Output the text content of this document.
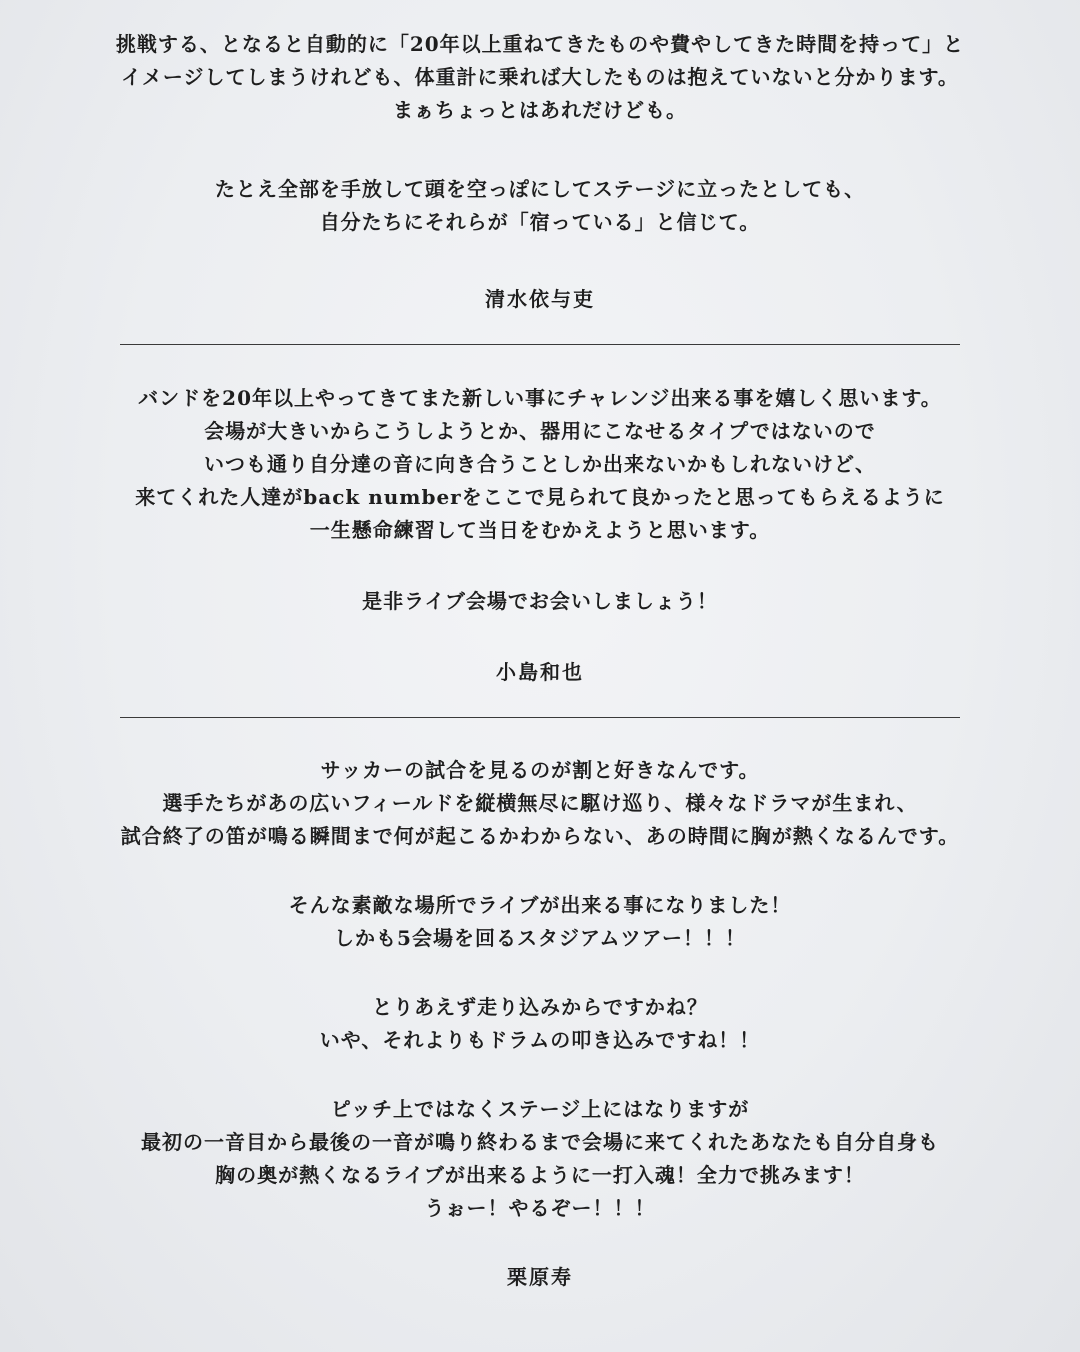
挑戦する、となると自動的に「20年以上重ねてきたものや費やしてきた時間を持って」と
イメージしてしまうけれども、体重計に乗れば大したものは抱えていないと分かります。
まぁちょっとはあれだけども。

たとえ全部を手放して頭を空っぽにしてステージに立ったとしても、
自分たちにそれらが「宿っている」と信じて。

清水依与吏

バンドを20年以上やってきてまた新しい事にチャレンジ出来る事を嬉しく思います。
会場が大きいからこうしようとか、器用にこなせるタイプではないので
いつも通り自分達の音に向き合うことしか出来ないかもしれないけど、
来てくれた人達がback numberをここで見られて良かったと思ってもらえるように
一生懸命練習して当日をむかえようと思います。

是非ライブ会場でお会いしましょう！

小島和也

サッカーの試合を見るのが割と好きなんです。
選手たちがあの広いフィールドを縦横無尽に駆け巡り、様々なドラマが生まれ、
試合終了の笛が鳴る瞬間まで何が起こるかわからない、あの時間に胸が熱くなるんです。

そんな素敵な場所でライブが出来る事になりました！
しかも5会場を回るスタジアムツアー！！！

とりあえず走り込みからですかね？
いや、それよりもドラムの叩き込みですね！！

ピッチ上ではなくステージ上にはなりますが
最初の一音目から最後の一音が鳴り終わるまで会場に来てくれたあなたも自分自身も
胸の奥が熱くなるライブが出来るように一打入魂！全力で挑みます！
うぉー！やるぞー！！！

栗原寿
